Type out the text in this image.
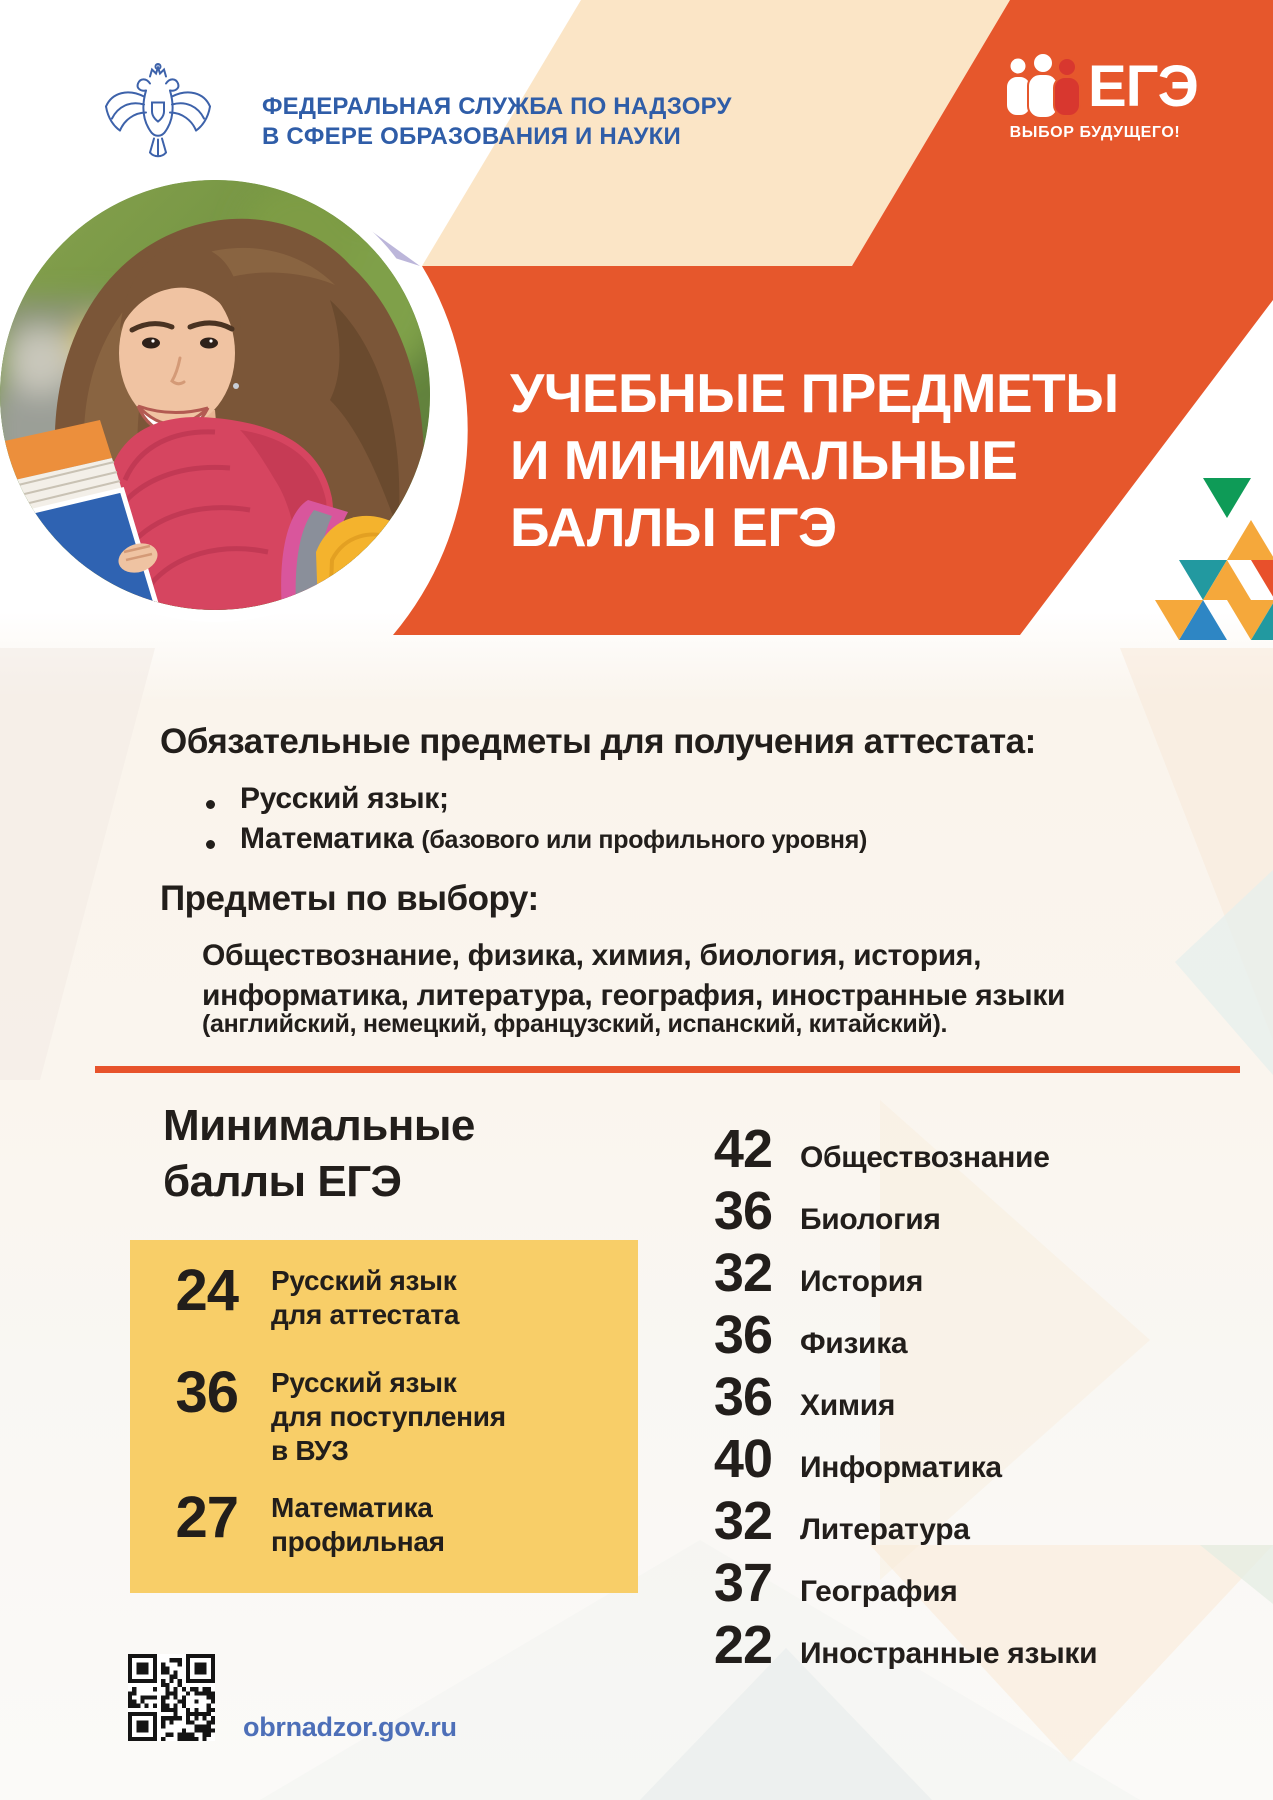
ФЕДЕРАЛЬНАЯ СЛУЖБА ПО НАДЗОРУ
В СФЕРЕ ОБРАЗОВАНИЯ И НАУКИ
ЕГЭ
ВЫБОР БУДУЩЕГО!
УЧЕБНЫЕ ПРЕДМЕТЫ
И МИНИМАЛЬНЫЕ
БАЛЛЫ ЕГЭ
Обязательные предметы для получения аттестата:
Русский язык;
Математика (базового или профильного уровня)
Предметы по выбору:
Обществознание, физика, химия, биология, история,
информатика, литература, география, иностранные языки
(английский, немецкий, французский, испанский, китайский).
Минимальные
баллы ЕГЭ
24 Русский язык
для аттестата
36 Русский язык
для поступления
в ВУЗ
27 Математика
профильная
42 Обществознание
36 Биология
32 История
36 Физика
36 Химия
40 Информатика
32 Литература
37 География
22 Иностранные языки
obrnadzor.gov.ru
